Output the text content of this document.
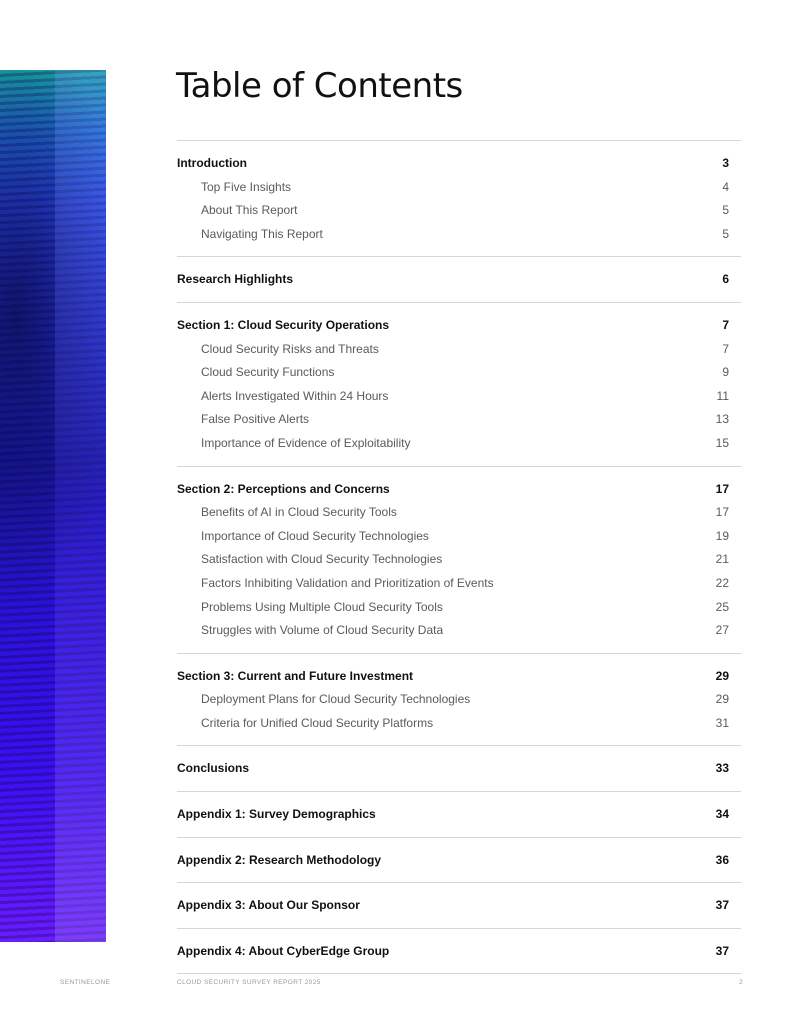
Table of Contents
Introduction	3
Top Five Insights	4
About This Report	5
Navigating This Report	5
Research Highlights	6
Section 1: Cloud Security Operations	7
Cloud Security Risks and Threats	7
Cloud Security Functions	9
Alerts Investigated Within 24 Hours	11
False Positive Alerts	13
Importance of Evidence of Exploitability	15
Section 2: Perceptions and Concerns	17
Benefits of AI in Cloud Security Tools	17
Importance of Cloud Security Technologies	19
Satisfaction with Cloud Security Technologies	21
Factors Inhibiting Validation and Prioritization of Events	22
Problems Using Multiple Cloud Security Tools	25
Struggles with Volume of Cloud Security Data	27
Section 3: Current and Future Investment	29
Deployment Plans for Cloud Security Technologies	29
Criteria for Unified Cloud Security Platforms	31
Conclusions	33
Appendix 1: Survey Demographics	34
Appendix 2: Research Methodology	36
Appendix 3: About Our Sponsor	37
Appendix 4: About CyberEdge Group	37
SENTINELONE	CLOUD SECURITY SURVEY REPORT 2025	2
